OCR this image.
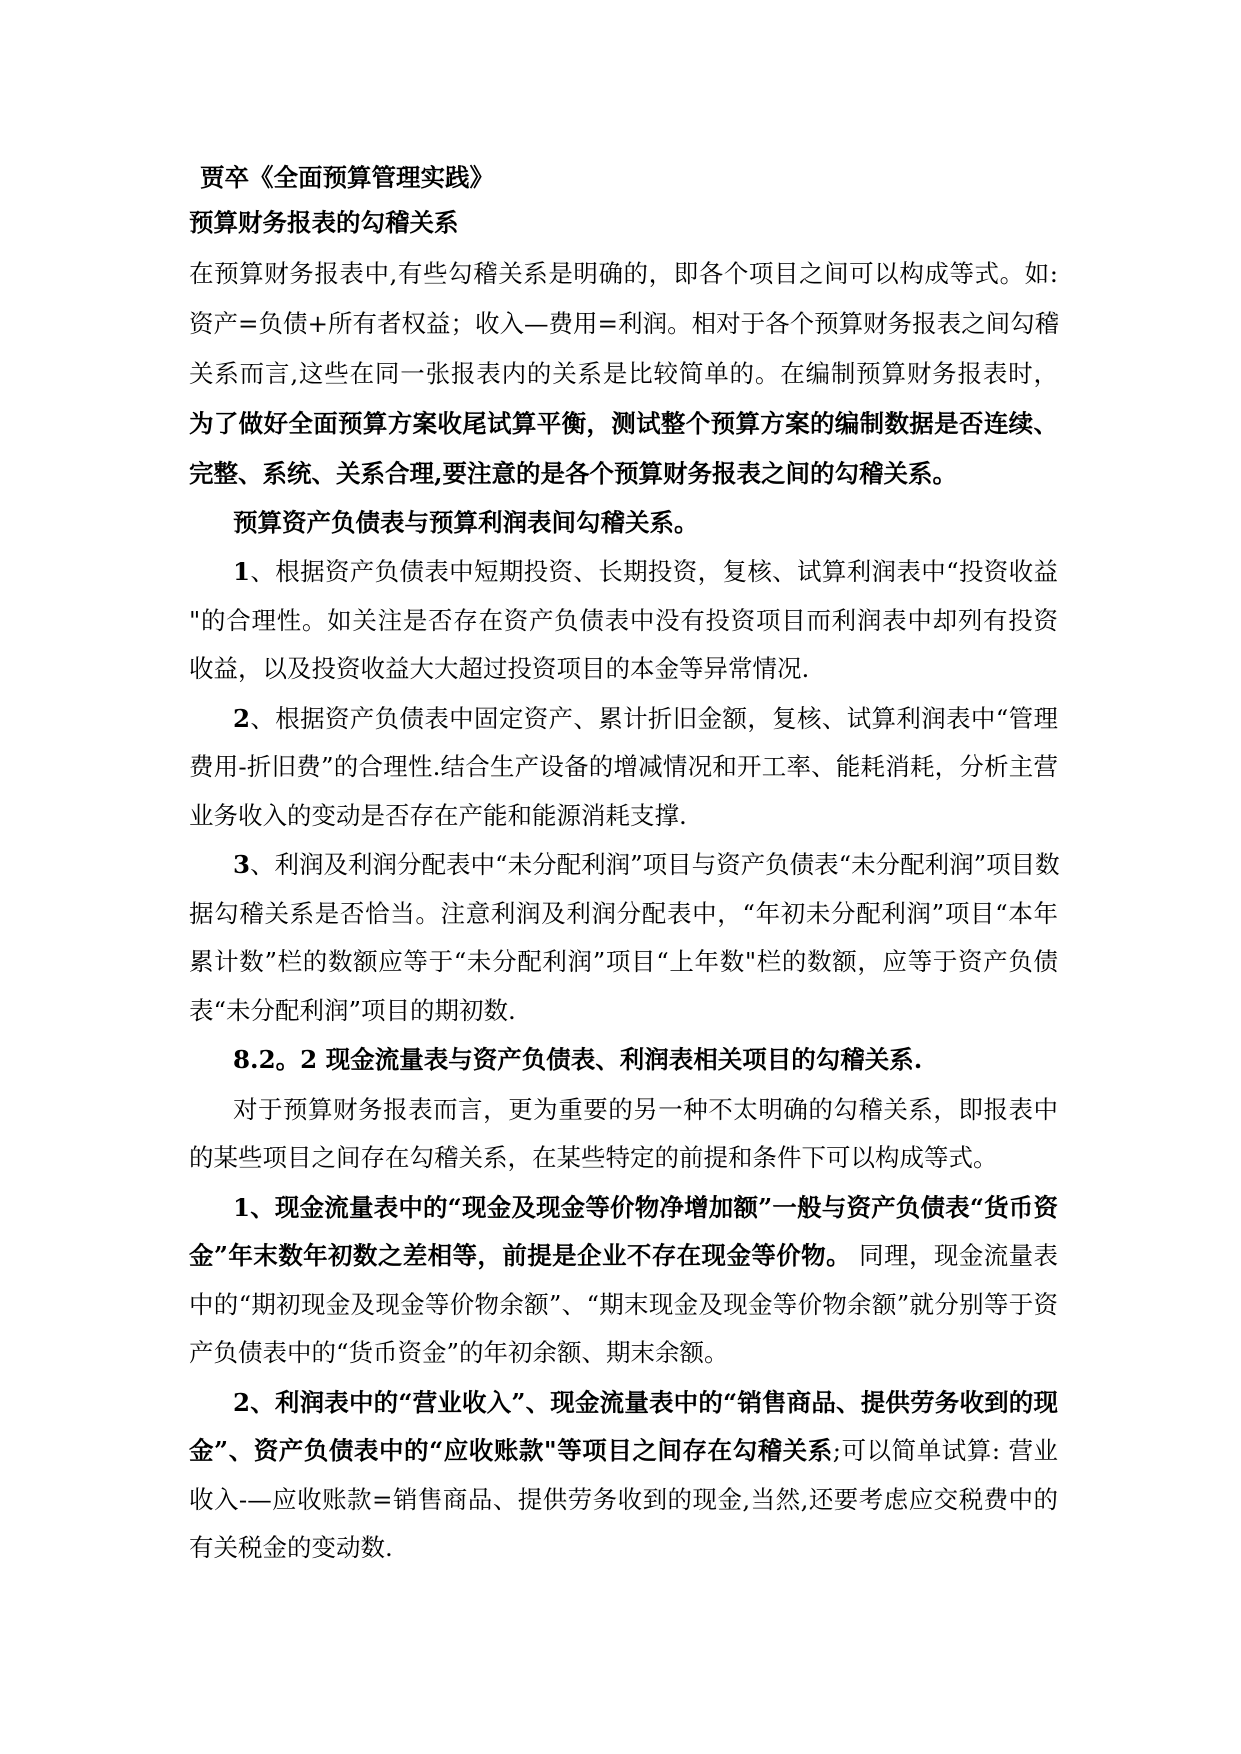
贾卒《全面预算管理实践》
预算财务报表的勾稽关系
在预算财务报表中,有些勾稽关系是明确的，即各个项目之间可以构成等式。如:
资产=负债+所有者权益；收入—费用=利润。相对于各个预算财务报表之间勾稽
关系而言,这些在同一张报表内的关系是比较简单的。在编制预算财务报表时，
为了做好全面预算方案收尾试算平衡，测试整个预算方案的编制数据是否连续、
完整、系统、关系合理,要注意的是各个预算财务报表之间的勾稽关系。
预算资产负债表与预算利润表间勾稽关系。
1、根据资产负债表中短期投资、长期投资，复核、试算利润表中“投资收益
"的合理性。如关注是否存在资产负债表中没有投资项目而利润表中却列有投资
收益，以及投资收益大大超过投资项目的本金等异常情况.
2、根据资产负债表中固定资产、累计折旧金额，复核、试算利润表中“管理
费用-折旧费”的合理性.结合生产设备的增减情况和开工率、能耗消耗，分析主营
业务收入的变动是否存在产能和能源消耗支撑.
3、利润及利润分配表中“未分配利润”项目与资产负债表“未分配利润”项目数
据勾稽关系是否恰当。注意利润及利润分配表中，“年初未分配利润”项目“本年
累计数”栏的数额应等于“未分配利润”项目“上年数"栏的数额，应等于资产负债
表“未分配利润”项目的期初数.
8.2。2 现金流量表与资产负债表、利润表相关项目的勾稽关系.
对于预算财务报表而言，更为重要的另一种不太明确的勾稽关系，即报表中
的某些项目之间存在勾稽关系，在某些特定的前提和条件下可以构成等式。
1、现金流量表中的“现金及现金等价物净增加额”一般与资产负债表“货币资
金”年末数年初数之差相等，前提是企业不存在现金等价物。 同理，现金流量表
中的“期初现金及现金等价物余额”、“期末现金及现金等价物余额”就分别等于资
产负债表中的“货币资金”的年初余额、期末余额。
2、利润表中的“营业收入”、现金流量表中的“销售商品、提供劳务收到的现
金”、资产负债表中的“应收账款"等项目之间存在勾稽关系;可以简单试算: 营业
收入-—应收账款=销售商品、提供劳务收到的现金,当然,还要考虑应交税费中的
有关税金的变动数.
